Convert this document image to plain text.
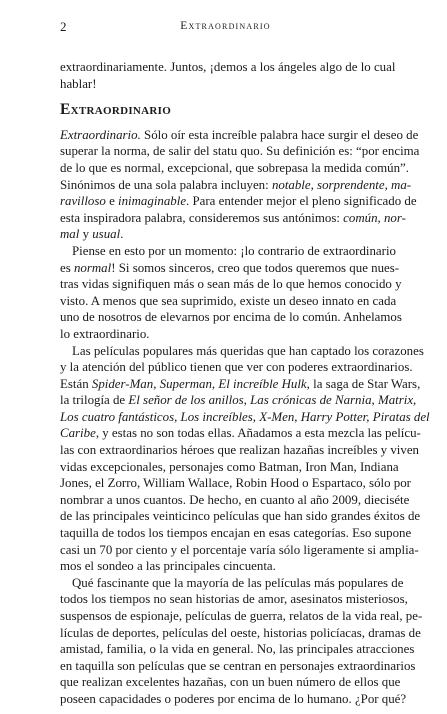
2	Extraordinario

extraordinariamente. Juntos, ¡demos a los ángeles algo de lo cual
hablar!

Extraordinario

Extraordinario. Sólo oír esta increíble palabra hace surgir el deseo de
superar la norma, de salir del statu quo. Su definición es: “por encima
de lo que es normal, excepcional, que sobrepasa la medida común”.
Sinónimos de una sola palabra incluyen: notable, sorprendente, ma-
ravilloso e inimaginable. Para entender mejor el pleno significado de
esta inspiradora palabra, consideremos sus antónimos: común, nor-
mal y usual.

Piense en esto por un momento: ¡lo contrario de extraordinario
es normal! Si somos sinceros, creo que todos queremos que nues-
tras vidas signifiquen más o sean más de lo que hemos conocido y
visto. A menos que sea suprimido, existe un deseo innato en cada
uno de nosotros de elevarnos por encima de lo común. Anhelamos
lo extraordinario.

Las películas populares más queridas que han captado los corazones
y la atención del público tienen que ver con poderes extraordinarios.
Están Spider-Man, Superman, El increíble Hulk, la saga de Star Wars,
la trilogía de El señor de los anillos, Las crónicas de Narnia, Matrix,
Los cuatro fantásticos, Los increíbles, X-Men, Harry Potter, Piratas del
Caribe, y estas no son todas ellas. Añadamos a esta mezcla las pelícu-
las con extraordinarios héroes que realizan hazañas increíbles y viven
vidas excepcionales, personajes como Batman, Iron Man, Indiana
Jones, el Zorro, William Wallace, Robin Hood o Espartaco, sólo por
nombrar a unos cuantos. De hecho, en cuanto al año 2009, dieciséte
de las principales veinticinco películas que han sido grandes éxitos de
taquilla de todos los tiempos encajan en esas categorías. Eso supone
casi un 70 por ciento y el porcentaje varía sólo ligeramente si amplia-
mos el sondeo a las principales cincuenta.

Qué fascinante que la mayoría de las películas más populares de
todos los tiempos no sean historias de amor, asesinatos misteriosos,
suspensos de espionaje, películas de guerra, relatos de la vida real, pe-
lículas de deportes, películas del oeste, historias policíacas, dramas de
amistad, familia, o la vida en general. No, las principales atracciones
en taquilla son películas que se centran en personajes extraordinarios
que realizan excelentes hazañas, con un buen número de ellos que
poseen capacidades o poderes por encima de lo humano. ¿Por qué?
